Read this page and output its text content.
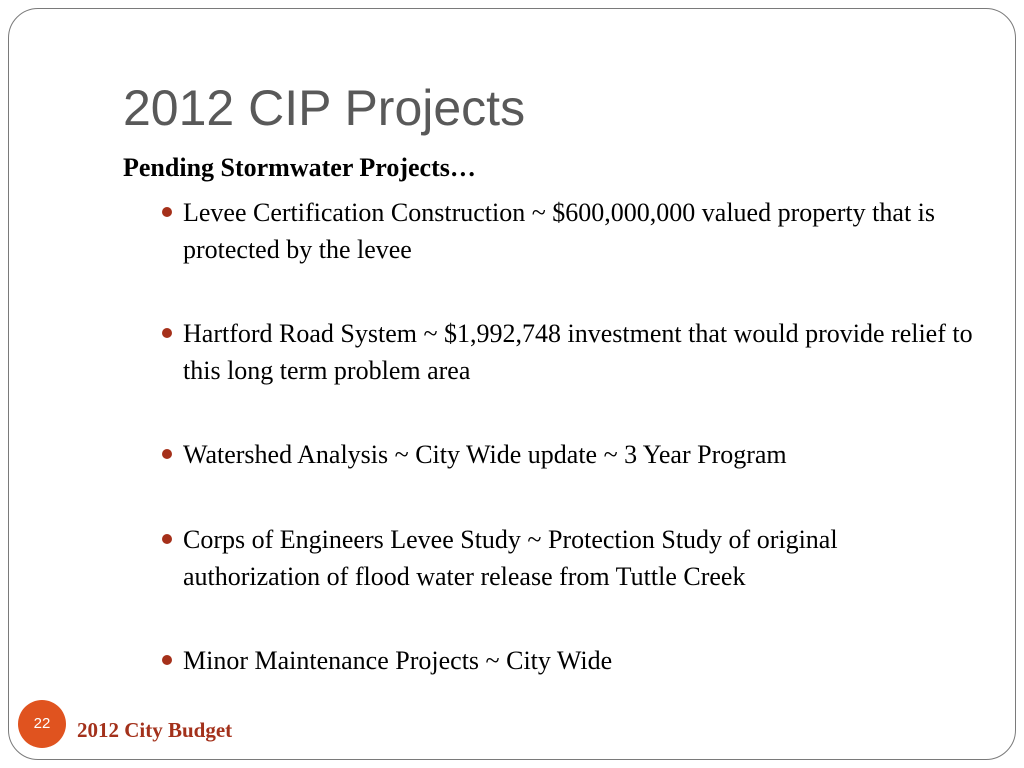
2012 CIP Projects
Pending Stormwater Projects…
Levee Certification Construction ~ $600,000,000 valued property that is protected by the levee
Hartford Road System ~ $1,992,748 investment that would provide relief to this long term problem area
Watershed Analysis ~ City Wide update ~ 3 Year Program
Corps of Engineers Levee Study ~ Protection Study of original authorization of flood water release from Tuttle Creek
Minor Maintenance Projects ~ City Wide
22	2012 City Budget
